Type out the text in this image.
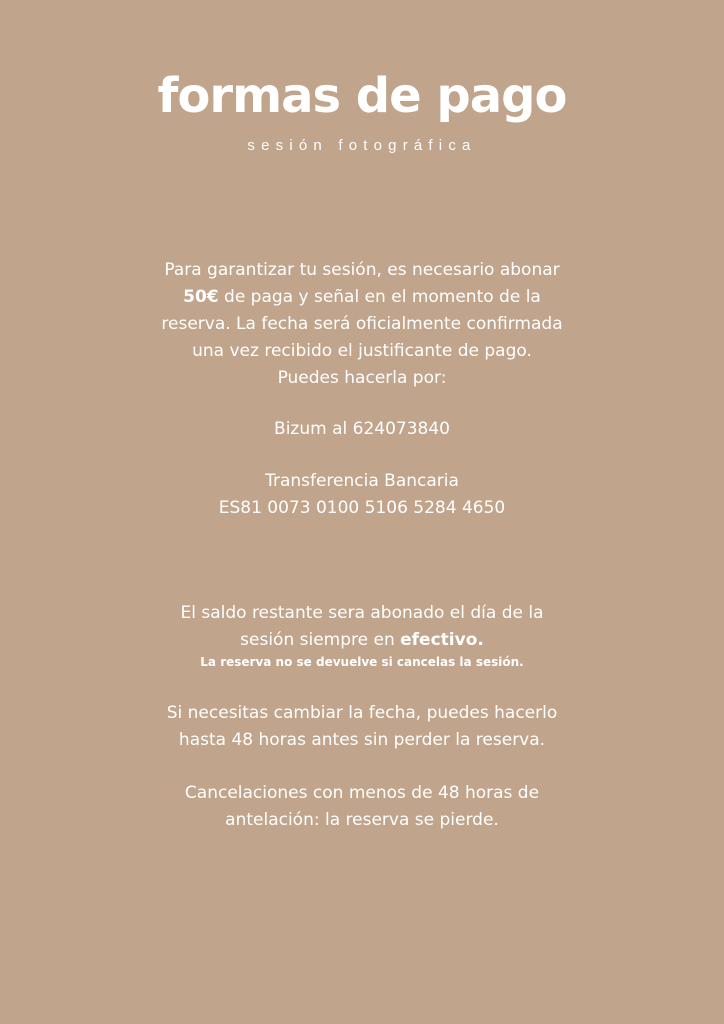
formas de pago
sesión fotográfica

Para garantizar tu sesión, es necesario abonar

50€ de paga y señal en el momento de la

reserva. La fecha será oficialmente confirmada

una vez recibido el justificante de pago.

Puedes hacerla por:

Bizum al 624073840

Transferencia Bancaria

ES81 0073 0100 5106 5284 4650

El saldo restante sera abonado el día de la

sesión siempre en efectivo.

La reserva no se devuelve si cancelas la sesión.

Si necesitas cambiar la fecha, puedes hacerlo

hasta 48 horas antes sin perder la reserva.

Cancelaciones con menos de 48 horas de

antelación: la reserva se pierde.
